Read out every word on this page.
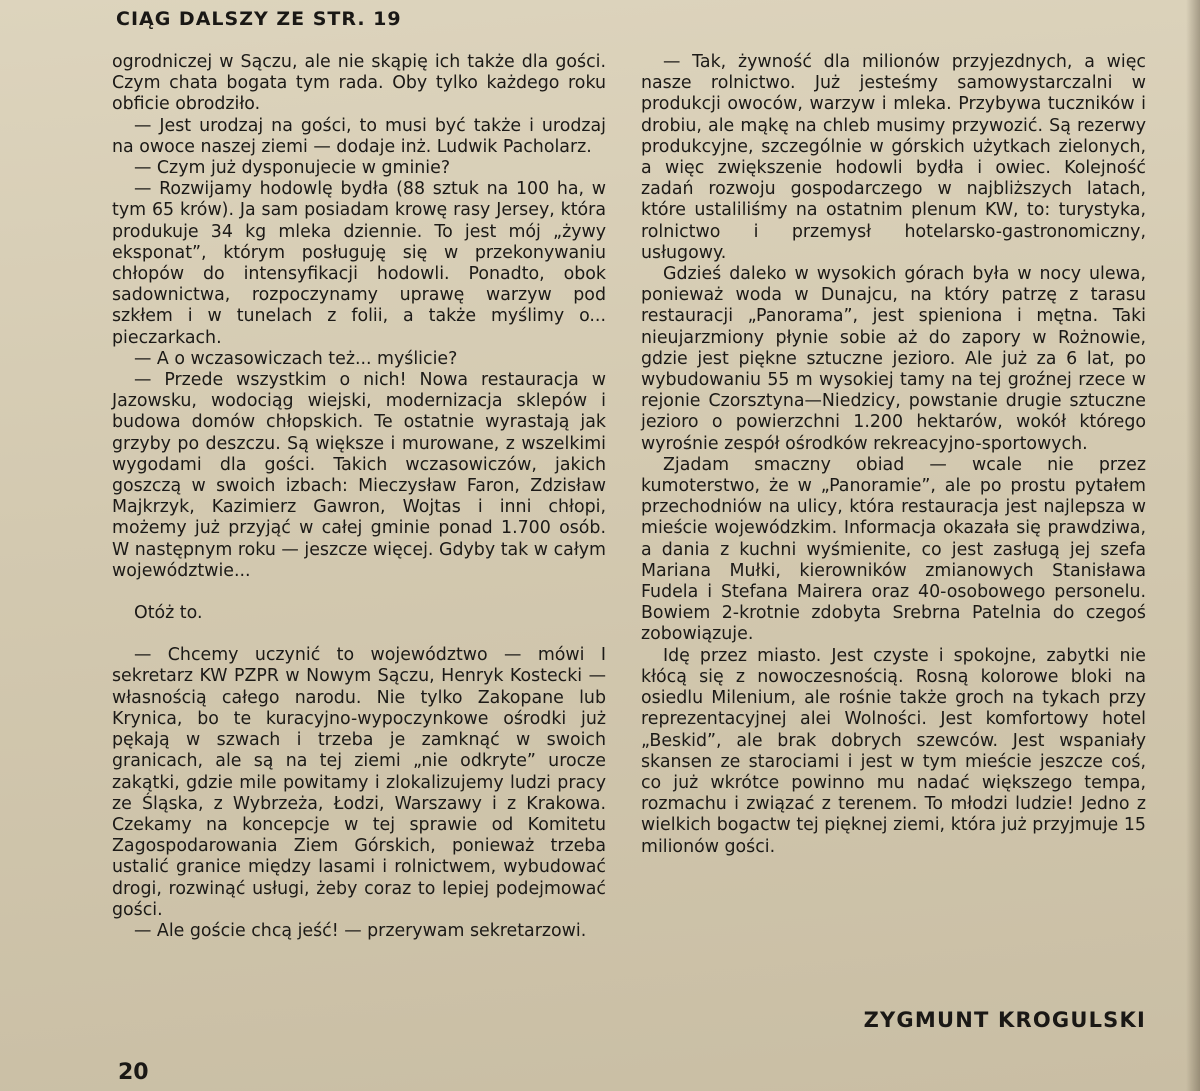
CIĄG DALSZY ZE STR. 19

ogrodniczej w Sączu, ale nie skąpię ich także dla gości. Czym chata bogata tym rada. Oby tylko każdego roku obficie obrodziło.

— Jest urodzaj na gości, to musi być także i urodzaj na owoce naszej ziemi — dodaje inż. Ludwik Pacholarz.

— Czym już dysponujecie w gminie?

— Rozwijamy hodowlę bydła (88 sztuk na 100 ha, w tym 65 krów). Ja sam posiadam krowę rasy Jersey, która produkuje 34 kg mleka dziennie. To jest mój „żywy eksponat”, którym posługuję się w przekonywaniu chłopów do intensyfikacji hodowli. Ponadto, obok sadownictwa, rozpoczynamy uprawę warzyw pod szkłem i w tunelach z folii, a także myślimy o... pieczarkach.

— A o wczasowiczach też... myślicie?

— Przede wszystkim o nich! Nowa restauracja w Jazowsku, wodociąg wiejski, modernizacja sklepów i budowa domów chłopskich. Te ostatnie wyrastają jak grzyby po deszczu. Są większe i murowane, z wszelkimi wygodami dla gości. Takich wczasowiczów, jakich goszczą w swoich izbach: Mieczysław Faron, Zdzisław Majkrzyk, Kazimierz Gawron, Wojtas i inni chłopi, możemy już przyjąć w całej gminie ponad 1.700 osób. W następnym roku — jeszcze więcej. Gdyby tak w całym województwie...

Otóż to.

— Chcemy uczynić to województwo — mówi I sekretarz KW PZPR w Nowym Sączu, Henryk Kostecki — własnością całego narodu. Nie tylko Zakopane lub Krynica, bo te kuracyjno-wypoczynkowe ośrodki już pękają w szwach i trzeba je zamknąć w swoich granicach, ale są na tej ziemi „nie odkryte” urocze zakątki, gdzie mile powitamy i zlokalizujemy ludzi pracy ze Śląska, z Wybrzeża, Łodzi, Warszawy i z Krakowa. Czekamy na koncepcje w tej sprawie od Komitetu Zagospodarowania Ziem Górskich, ponieważ trzeba ustalić granice między lasami i rolnictwem, wybudować drogi, rozwinąć usługi, żeby coraz to lepiej podejmować gości.

— Ale goście chcą jeść! — przerywam sekretarzowi.

— Tak, żywność dla milionów przyjezdnych, a więc nasze rolnictwo. Już jesteśmy samowystarczalni w produkcji owoców, warzyw i mleka. Przybywa tuczników i drobiu, ale mąkę na chleb musimy przywozić. Są rezerwy produkcyjne, szczególnie w górskich użytkach zielonych, a więc zwiększenie hodowli bydła i owiec. Kolejność zadań rozwoju gospodarczego w najbliższych latach, które ustaliliśmy na ostatnim plenum KW, to: turystyka, rolnictwo i przemysł hotelarsko-gastronomiczny, usługowy.

Gdzieś daleko w wysokich górach była w nocy ulewa, ponieważ woda w Dunajcu, na który patrzę z tarasu restauracji „Panorama”, jest spieniona i mętna. Taki nieujarzmiony płynie sobie aż do zapory w Rożnowie, gdzie jest piękne sztuczne jezioro. Ale już za 6 lat, po wybudowaniu 55 m wysokiej tamy na tej groźnej rzece w rejonie Czorsztyna—Niedzicy, powstanie drugie sztuczne jezioro o powierzchni 1.200 hektarów, wokół którego wyrośnie zespół ośrodków rekreacyjno-sportowych.

Zjadam smaczny obiad — wcale nie przez kumoterstwo, że w „Panoramie”, ale po prostu pytałem przechodniów na ulicy, która restauracja jest najlepsza w mieście wojewódzkim. Informacja okazała się prawdziwa, a dania z kuchni wyśmienite, co jest zasługą jej szefa Mariana Mułki, kierowników zmianowych Stanisława Fudela i Stefana Mairera oraz 40-osobowego personelu. Bowiem 2-krotnie zdobyta Srebrna Patelnia do czegoś zobowiązuje.

Idę przez miasto. Jest czyste i spokojne, zabytki nie kłócą się z nowoczesnością. Rosną kolorowe bloki na osiedlu Milenium, ale rośnie także groch na tykach przy reprezentacyjnej alei Wolności. Jest komfortowy hotel „Beskid”, ale brak dobrych szewców. Jest wspaniały skansen ze starociami i jest w tym mieście jeszcze coś, co już wkrótce powinno mu nadać większego tempa, rozmachu i związać z terenem. To młodzi ludzie! Jedno z wielkich bogactw tej pięknej ziemi, która już przyjmuje 15 milionów gości.

ZYGMUNT KROGULSKI
20
